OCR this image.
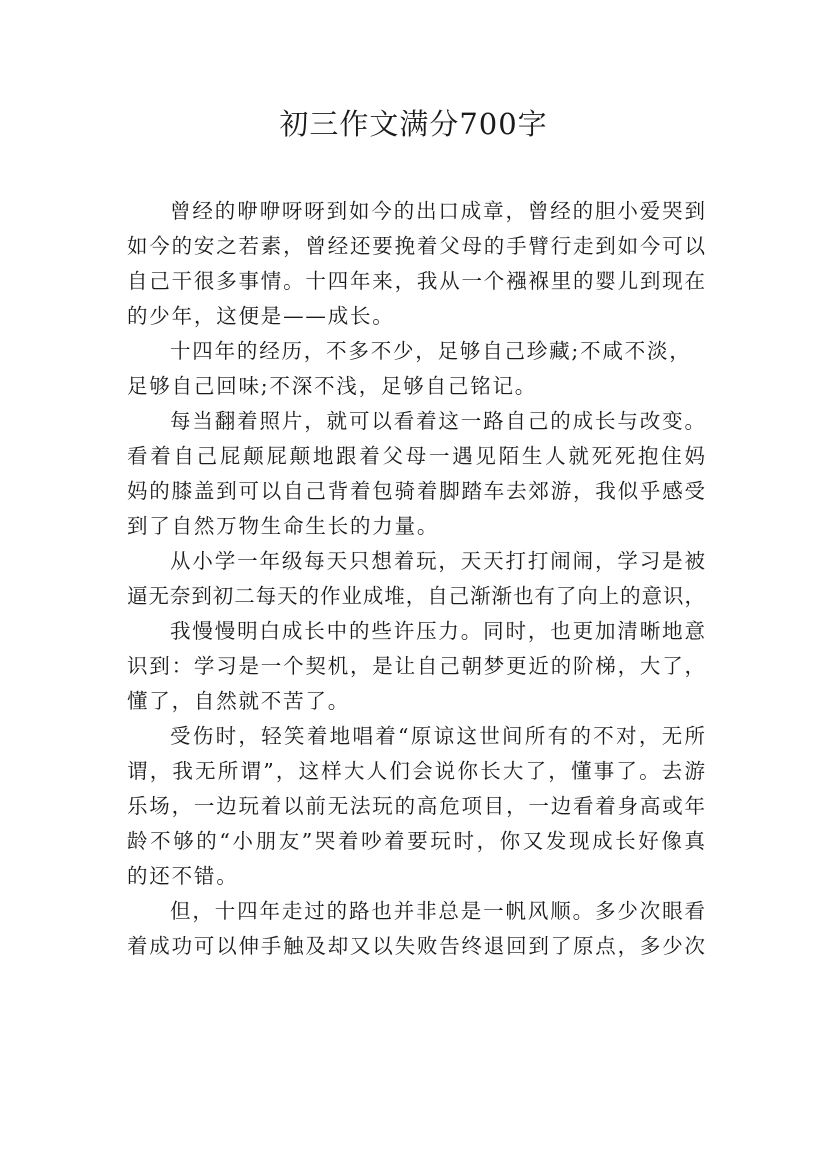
初三作文满分700字
曾经的咿咿呀呀到如今的出口成章，曾经的胆小爱哭到
如今的安之若素，曾经还要挽着父母的手臂行走到如今可以
自己干很多事情。十四年来，我从一个襁褓里的婴儿到现在
的少年，这便是——成长。
十四年的经历，不多不少，足够自己珍藏;不咸不淡，
足够自己回味;不深不浅，足够自己铭记。
每当翻着照片，就可以看着这一路自己的成长与改变。
看着自己屁颠屁颠地跟着父母一遇见陌生人就死死抱住妈
妈的膝盖到可以自己背着包骑着脚踏车去郊游，我似乎感受
到了自然万物生命生长的力量。
从小学一年级每天只想着玩，天天打打闹闹，学习是被
逼无奈到初二每天的作业成堆，自己渐渐也有了向上的意识，
我慢慢明白成长中的些许压力。同时，也更加清晰地意
识到：学习是一个契机，是让自己朝梦更近的阶梯，大了，
懂了，自然就不苦了。
受伤时，轻笑着地唱着“原谅这世间所有的不对，无所
谓，我无所谓”，这样大人们会说你长大了，懂事了。去游
乐场，一边玩着以前无法玩的高危项目，一边看着身高或年
龄不够的“小朋友”哭着吵着要玩时，你又发现成长好像真
的还不错。
但，十四年走过的路也并非总是一帆风顺。多少次眼看
着成功可以伸手触及却又以失败告终退回到了原点，多少次
